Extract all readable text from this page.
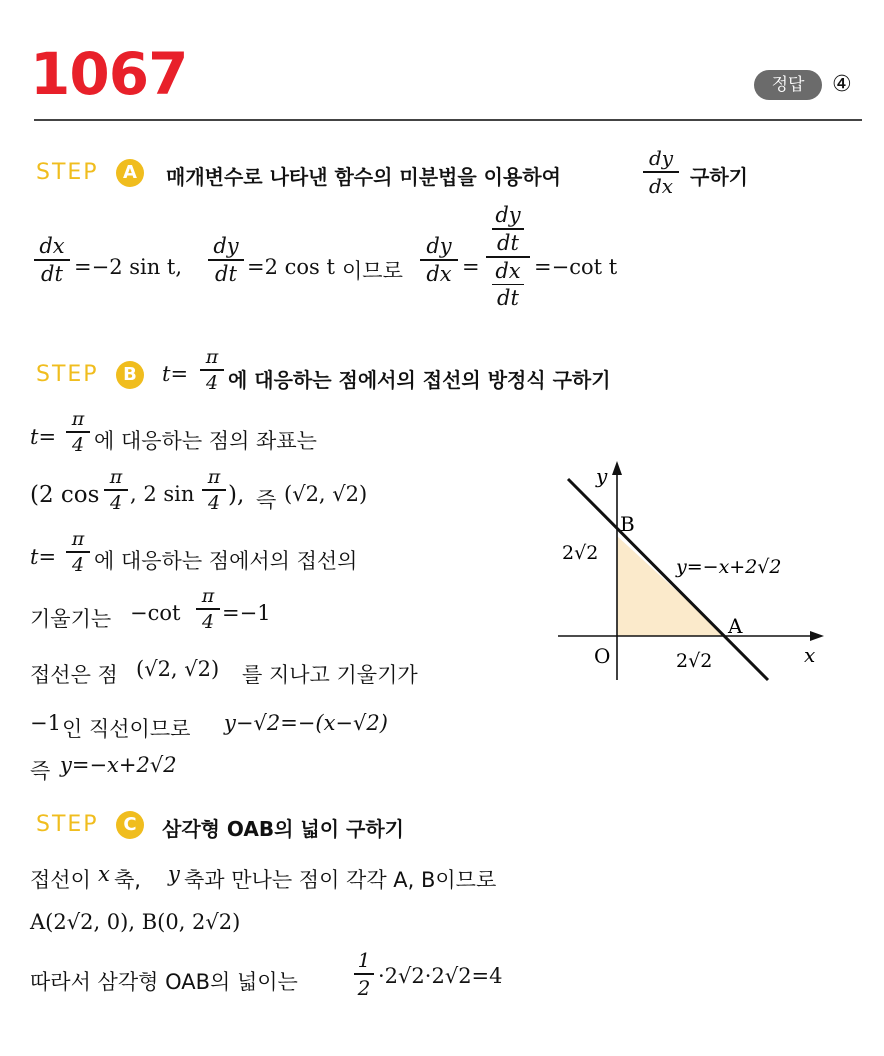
1067	정답	④
STEP	A	매개변수로 나타낸 함수의 미분법을 이용하여
dy
dx 구하기
dx
dt =−2 sin t,
dy
dt =2 cos t 이므로
dy
dx =
dy
dt
dx
dt
=−cot t
STEP	B	t=
π
4 에 대응하는 점에서의 접선의 방정식 구하기
t=
π
4 에 대응하는 점의 좌표는
(2 cos
π
4 , 2 sin
π
4 ), 즉 (√2, √2)
t=
π
4 에 대응하는 점에서의 접선의
기울기는 −cot
π
4 =−1
접선은 점 (√2, √2) 를 지나고 기울기가
−1 인 직선이므로 y−√2=−(x−√2)
즉 y=−x+2√2
y
x
O
B
A
2√2
2√2
y=−x+2√2
STEP	C	삼각형 OAB의 넓이 구하기
접선이 x 축, y 축과 만나는 점이 각각 A, B이므로
A(2√2, 0), B(0, 2√2)
따라서 삼각형 OAB의 넓이는
1
2 ·2√2·2√2=4
